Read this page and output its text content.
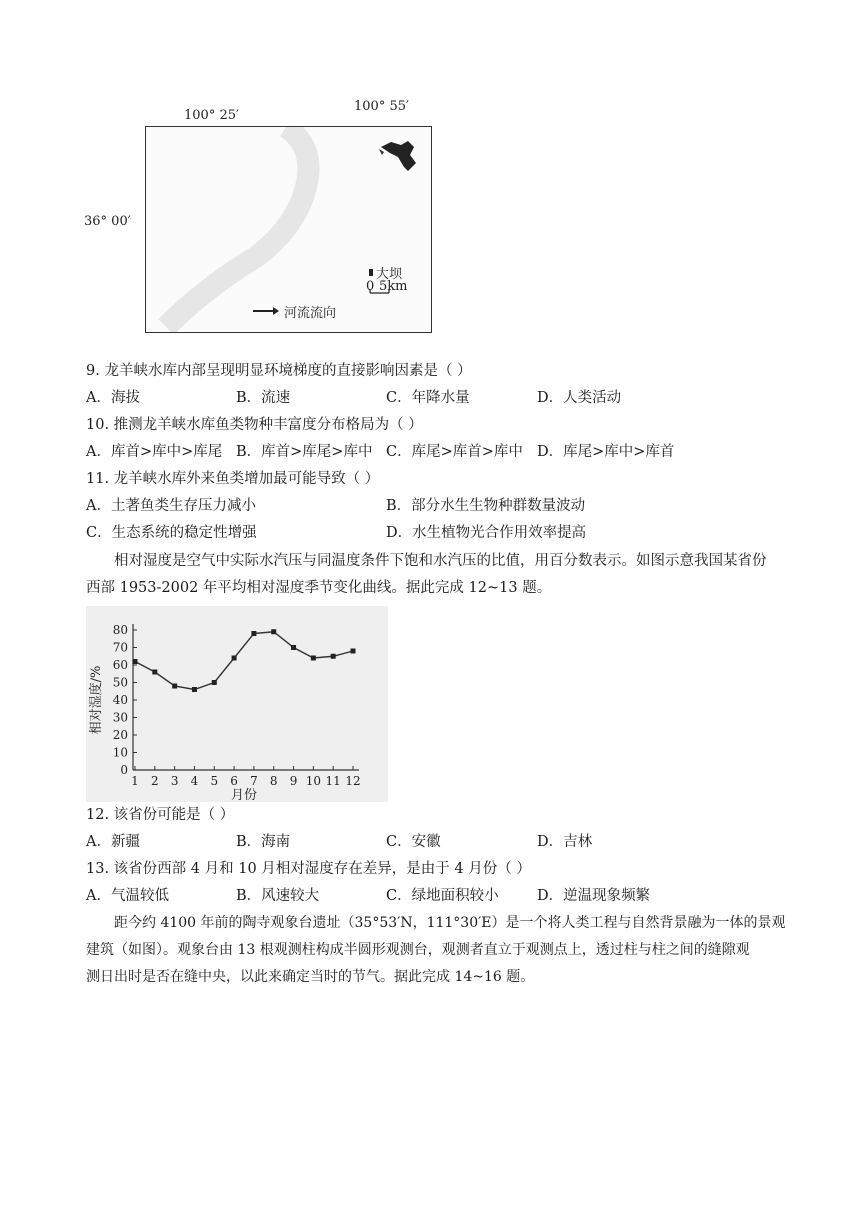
100° 25′
100° 55′
大坝
0 5km
河流流向
36° 00′
9. 龙羊峡水库内部呈现明显环境梯度的直接影响因素是（ ）
A．海拔	B．流速	C．年降水量	D．人类活动
10. 推测龙羊峡水库鱼类物种丰富度分布格局为（ ）
A．库首>库中>库尾 B．库首>库尾>库中 C．库尾>库首>库中 D．库尾>库中>库首
11. 龙羊峡水库外来鱼类增加最可能导致（ ）
A．土著鱼类生存压力减小	B．部分水生生物种群数量波动
C．生态系统的稳定性增强	D．水生植物光合作用效率提高
相对湿度是空气中实际水汽压与同温度条件下饱和水汽压的比值，用百分数表示。如图示意我国某省份
西部 1953-2002 年平均相对湿度季节变化曲线。据此完成 12~13 题。
0
10
20
30
40
50
60
70
80
1 2 3 4 5 6 7 8 9 10 11 12
月份
相对湿度/%
12. 该省份可能是（ ）
A．新疆	B．海南	C．安徽	D．吉林
13. 该省份西部 4 月和 10 月相对湿度存在差异，是由于 4 月份（ ）
A．气温较低	B．风速较大	C．绿地面积较小	D．逆温现象频繁
距今约 4100 年前的陶寺观象台遗址（35°53′N，111°30′E）是一个将人类工程与自然背景融为一体的景观
建筑（如图）。观象台由 13 根观测柱构成半圆形观测台，观测者直立于观测点上，透过柱与柱之间的缝隙观
测日出时是否在缝中央，以此来确定当时的节气。据此完成 14~16 题。
